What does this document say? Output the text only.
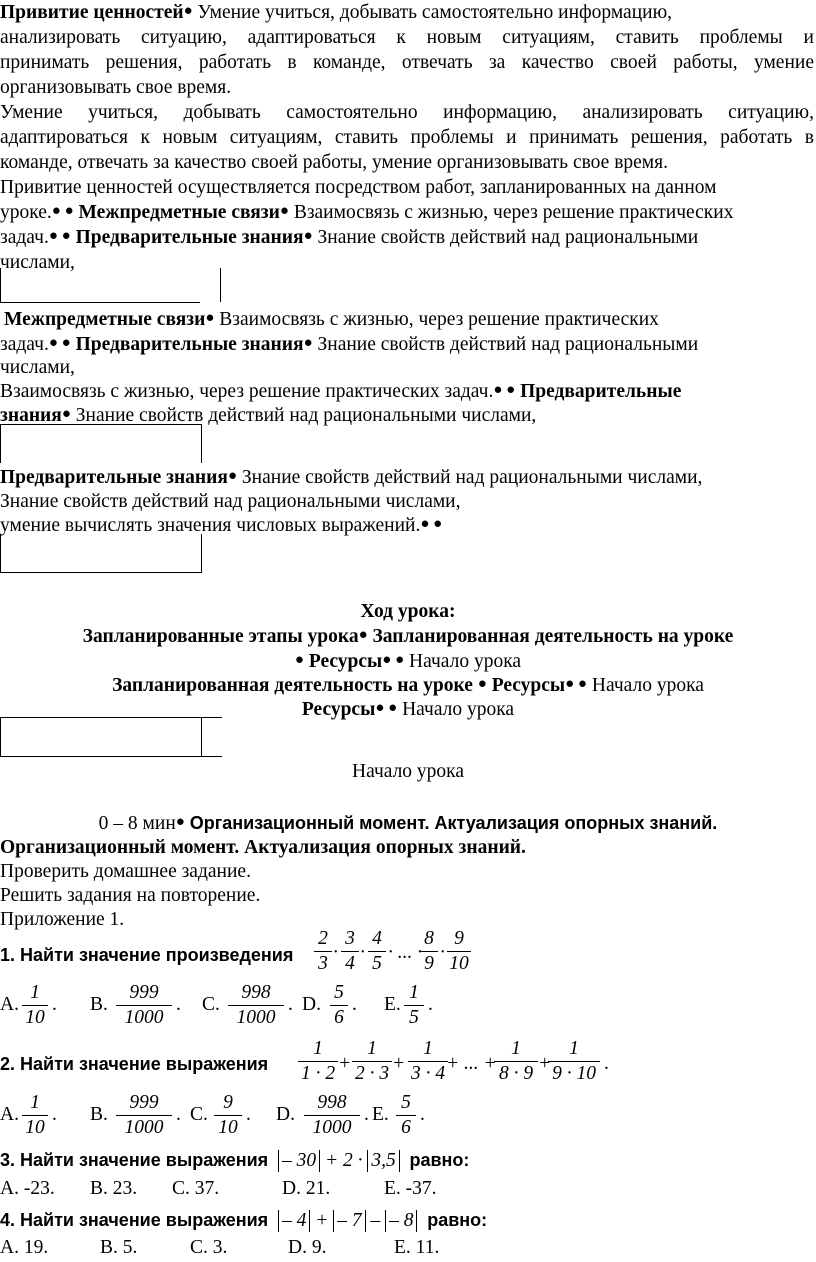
Привитие ценностей● Умение учиться, добывать самостоятельно информацию,
анализировать ситуацию, адаптироваться к новым ситуациям, ставить проблемы и
принимать решения, работать в команде, отвечать за качество своей работы, умение
организовывать свое время.
Умение учиться, добывать самостоятельно информацию, анализировать ситуацию,
адаптироваться к новым ситуациям, ставить проблемы и принимать решения, работать в
команде, отвечать за качество своей работы, умение организовывать свое время.
Привитие ценностей осуществляется посредством работ, запланированных на данном
уроке.● ● Межпредметные связи● Взаимосвязь с жизнью, через решение практических
задач.● ● Предварительные знания● Знание свойств действий над рациональными
числами,
Межпредметные связи● Взаимосвязь с жизнью, через решение практических
задач.● ● Предварительные знания● Знание свойств действий над рациональными
числами,
Взаимосвязь с жизнью, через решение практических задач.● ● Предварительные
знания● Знание свойств действий над рациональными числами,
Предварительные знания● Знание свойств действий над рациональными числами,
Знание свойств действий над рациональными числами,
умение вычислять значения числовых выражений.● ●
Ход урока:
Запланированные этапы урока● Запланированная деятельность на уроке
● Ресурсы● ● Начало урока
Запланированная деятельность на уроке ● Ресурсы● ● Начало урока
Ресурсы● ● Начало урока
Начало урока
0 – 8 мин● Организационный момент. Актуализация опорных знаний.
Организационный момент. Актуализация опорных знаний.
Проверить домашнее задание.
Решить задания на повторение.
Приложение 1.
1. Найти значение произведения
2
3
·
3
4
·
4
5
· ... ·
8
9
·
9
10
A.
1
10
. B.
999
1000
. C.
998
1000
. D.
5
6
. E.
1
5
.
2. Найти значение выражения
1
1 · 2
1
2 · 3
1
3 · 4
1
8 · 9
1
9 · 10
+ + + ... + +	.
A.
1
10
. B.
999
1000
. C.
9
10
. D.
998
1000
. E.
5
6
.
3. Найти значение выражения – 30 + 2 · 3,5 равно:
A. -23. B. 23. C. 37.	D. 21.	E. -37.
4. Найти значение выражения – 4 + – 7 – – 8 равно:
A. 19.	B. 5.	C. 3.	D. 9.	E. 11.
